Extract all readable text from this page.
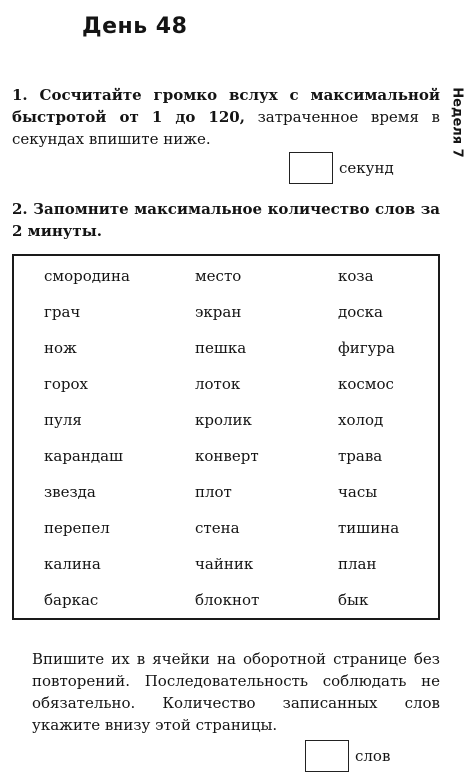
День 48
Неделя 7
1. Сосчитайте громко вслух с максимальной быстротой от 1 до 120, затраченное время в секундах впишите ниже.
секунд
2. Запомните максимальное количество слов за 2 минуты.
смородина	место	коза
грач	экран	доска
нож	пешка	фигура
горох	лоток	космос
пуля	кролик	холод
карандаш	конверт	трава
звезда	плот	часы
перепел	стена	тишина
калина	чайник	план
баркас	блокнот	бык
Впишите их в ячейки на оборотной странице без повторений. Последовательность соблюдать не обязательно. Количество записанных слов укажите внизу этой страницы.
слов
